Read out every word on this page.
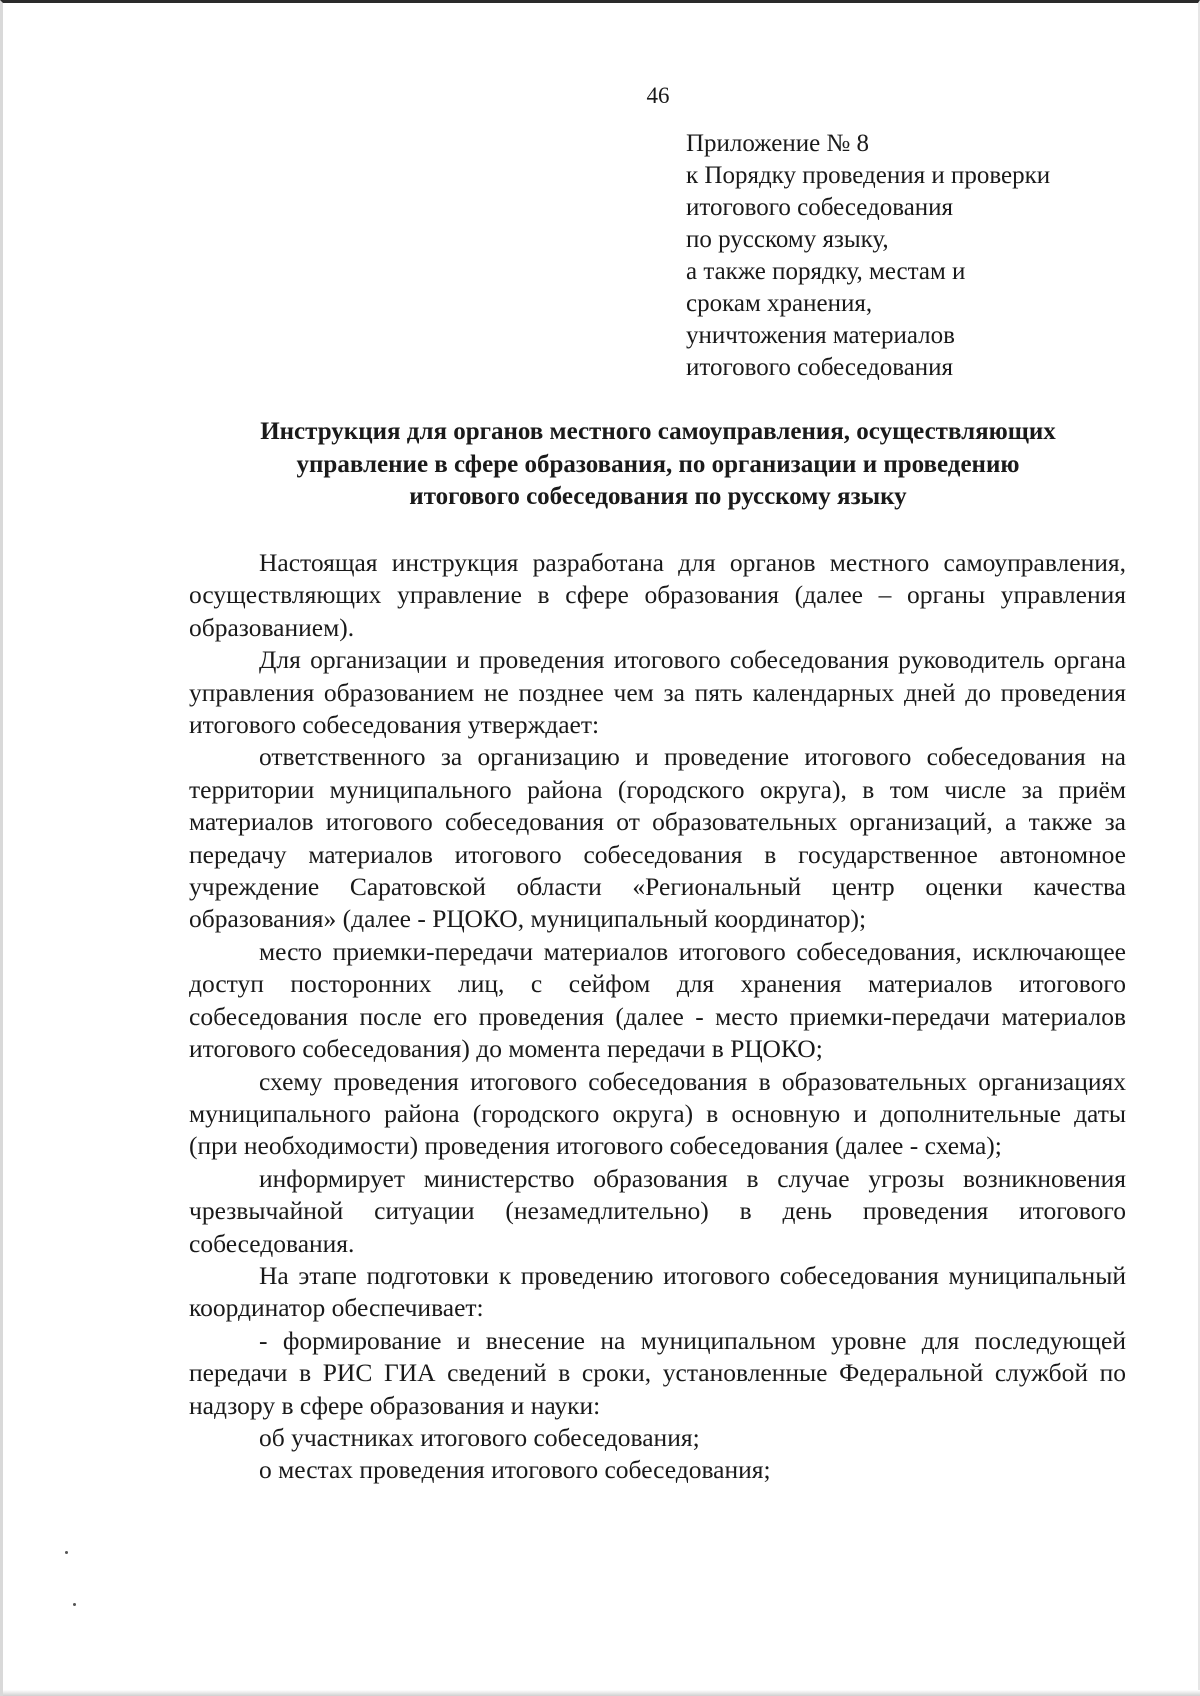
46
Приложение № 8
к Порядку проведения и проверки
итогового собеседования
по русскому языку,
а также порядку, местам и
срокам хранения,
уничтожения материалов
итогового собеседования
Инструкция для органов местного самоуправления, осуществляющих
управление в сфере образования, по организации и проведению
итогового собеседования по русскому языку

Настоящая инструкция разработана для органов местного самоуправления, осуществляющих управление в сфере образования (далее – органы управления образованием).

Для организации и проведения итогового собеседования руководитель органа управления образованием не позднее чем за пять календарных дней до проведения итогового собеседования утверждает:

ответственного за организацию и проведение итогового собеседования на территории муниципального района (городского округа), в том числе за приём материалов итогового собеседования от образовательных организаций, а также за передачу материалов итогового собеседования в государственное автономное учреждение Саратовской области «Региональный центр оценки качества образования» (далее - РЦОКО, муниципальный координатор);

место приемки-передачи материалов итогового собеседования, исключающее доступ посторонних лиц, с сейфом для хранения материалов итогового собеседования после его проведения (далее - место приемки-передачи материалов итогового собеседования) до момента передачи в РЦОКО;

схему проведения итогового собеседования в образовательных организациях муниципального района (городского округа) в основную и дополнительные даты (при необходимости) проведения итогового собеседования (далее - схема);

информирует министерство образования в случае угрозы возникновения чрезвычайной ситуации (незамедлительно) в день проведения итогового собеседования.

На этапе подготовки к проведению итогового собеседования муниципальный координатор обеспечивает:

- формирование и внесение на муниципальном уровне для последующей передачи в РИС ГИА сведений в сроки, установленные Федеральной службой по надзору в сфере образования и науки:

об участниках итогового собеседования;

о местах проведения итогового собеседования;
